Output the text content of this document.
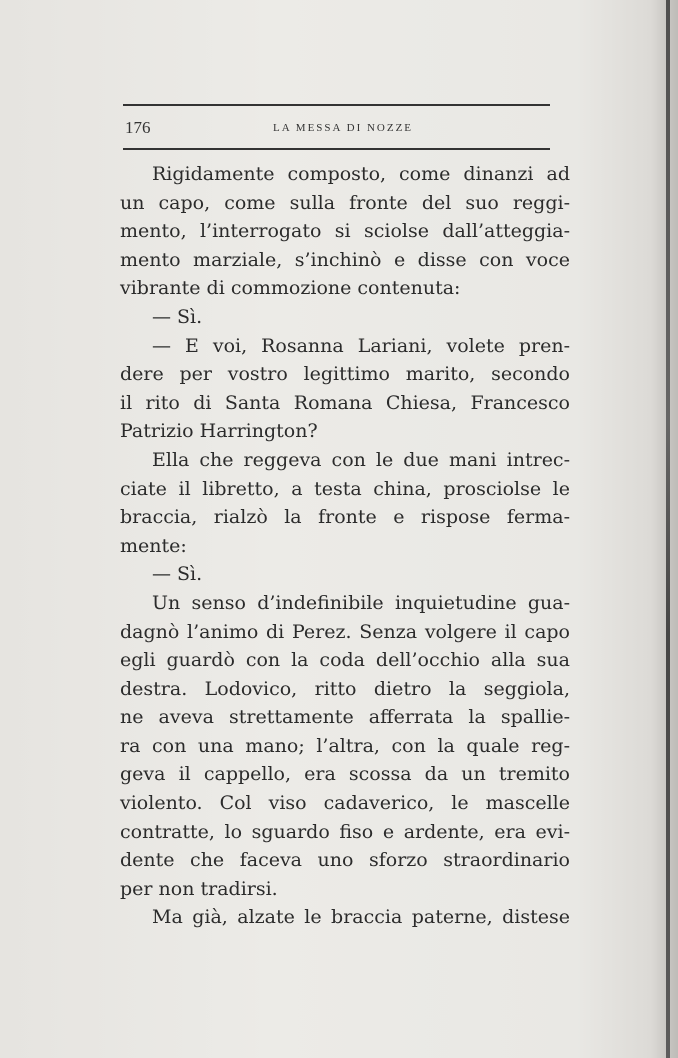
176	LA MESSA DI NOZZE
Rigidamente composto, come dinanzi ad
un capo, come sulla fronte del suo reggi-
mento, l’interrogato si sciolse dall’atteggia-
mento marziale, s’inchinò e disse con voce
vibrante di commozione contenuta:
— Sì.
— E voi, Rosanna Lariani, volete pren-
dere per vostro legittimo marito, secondo
il rito di Santa Romana Chiesa, Francesco
Patrizio Harrington?
Ella che reggeva con le due mani intrec-
ciate il libretto, a testa china, prosciolse le
braccia, rialzò la fronte e rispose ferma-
mente:
— Sì.
Un senso d’indefinibile inquietudine gua-
dagnò l’animo di Perez. Senza volgere il capo
egli guardò con la coda dell’occhio alla sua
destra. Lodovico, ritto dietro la seggiola,
ne aveva strettamente afferrata la spallie-
ra con una mano; l’altra, con la quale reg-
geva il cappello, era scossa da un tremito
violento. Col viso cadaverico, le mascelle
contratte, lo sguardo fiso e ardente, era evi-
dente che faceva uno sforzo straordinario
per non tradirsi.
Ma già, alzate le braccia paterne, distese
